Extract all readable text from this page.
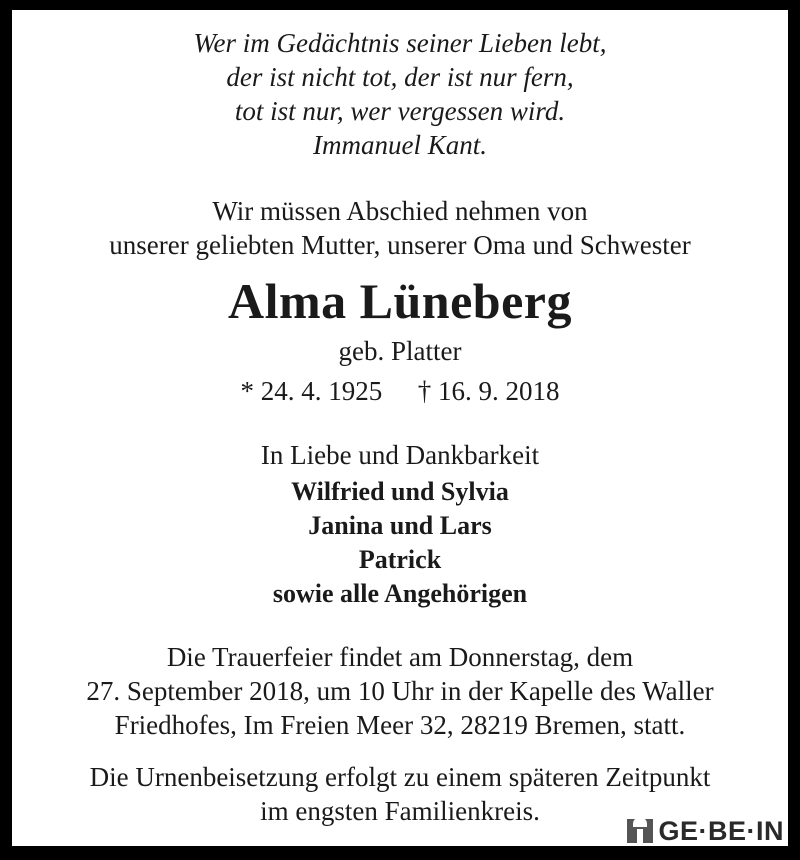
Wer im Gedächtnis seiner Lieben lebt,
der ist nicht tot, der ist nur fern,
tot ist nur, wer vergessen wird.
Immanuel Kant.
Wir müssen Abschied nehmen von
unserer geliebten Mutter, unserer Oma und Schwester
Alma Lüneberg
geb. Platter
* 24. 4. 1925 † 16. 9. 2018
In Liebe und Dankbarkeit
Wilfried und Sylvia
Janina und Lars
Patrick
sowie alle Angehörigen
Die Trauerfeier findet am Donnerstag, dem
27. September 2018, um 10 Uhr in der Kapelle des Waller
Friedhofes, Im Freien Meer 32, 28219 Bremen, statt.
Die Urnenbeisetzung erfolgt zu einem späteren Zeitpunkt
im engsten Familienkreis.
GE·BE·IN
